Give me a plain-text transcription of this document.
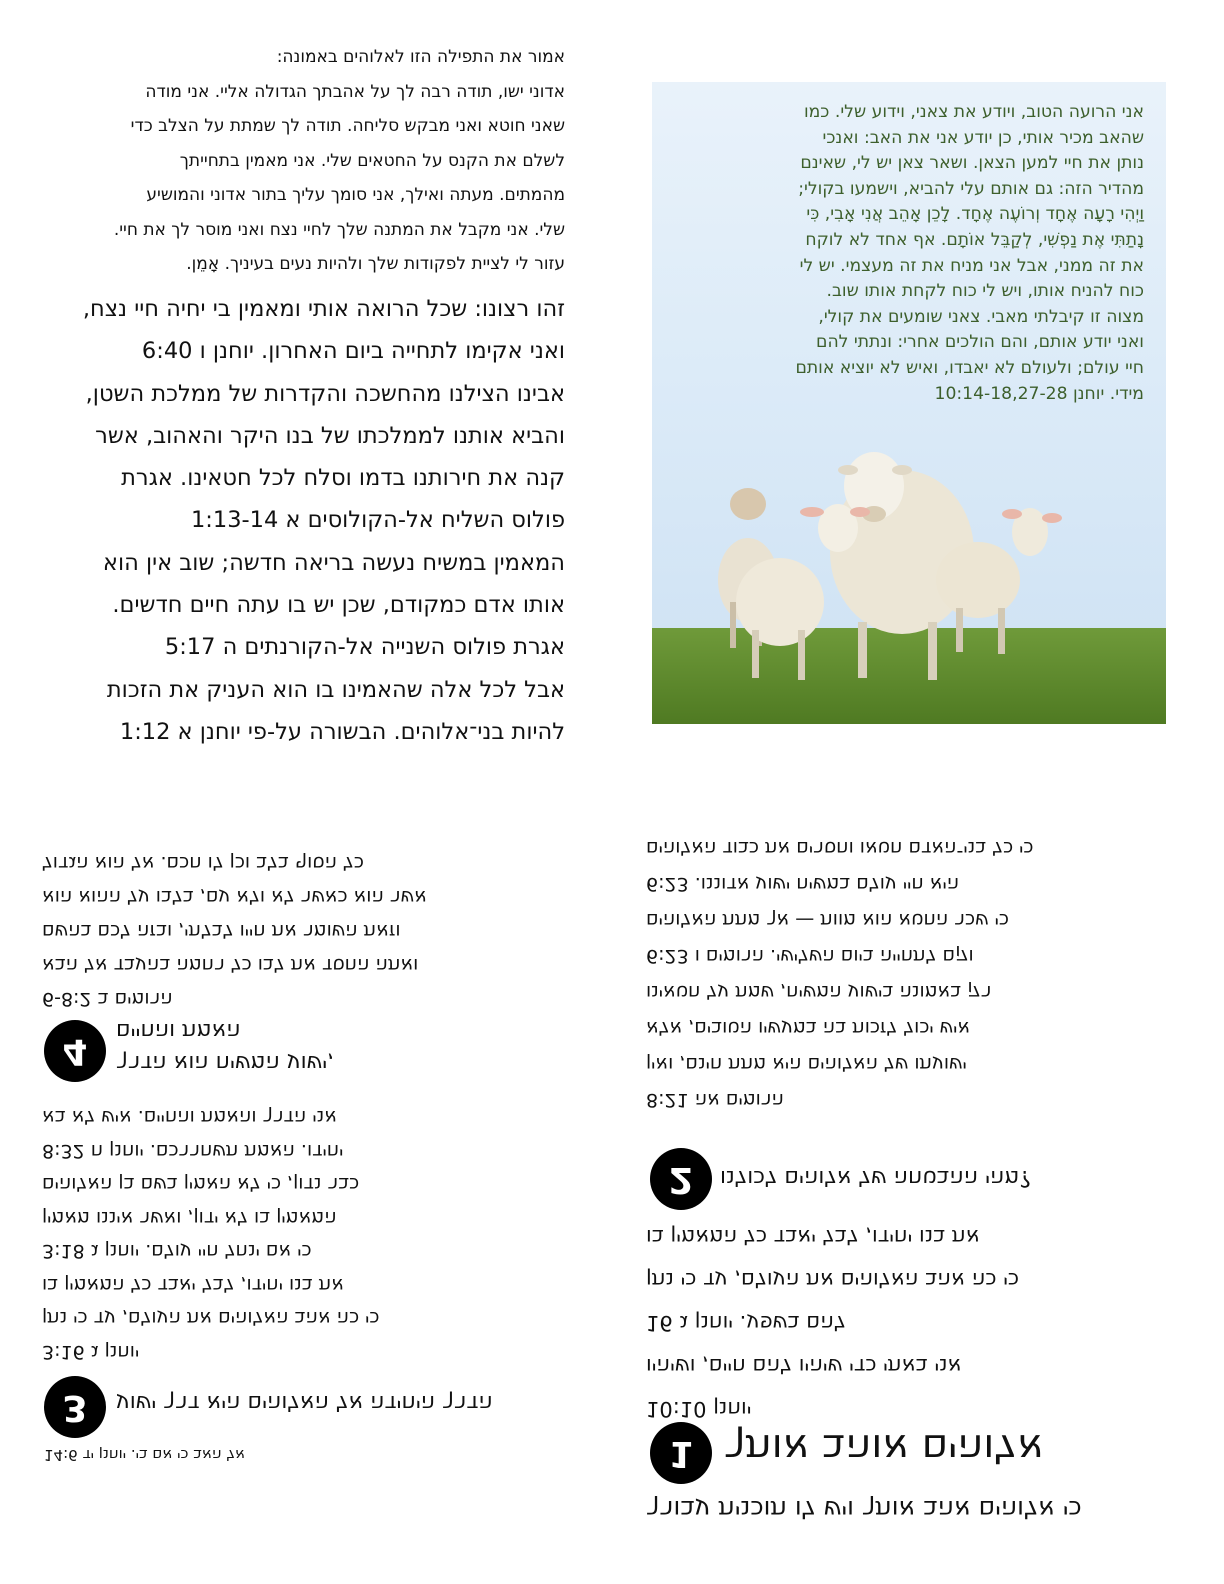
אמור את התפילה הזו לאלוהים באמונה:
אדוני ישו, תודה רבה לך על אהבתך הגדולה אליי. אני מודה
שאני חוטא ואני מבקש סליחה. תודה לך שמתת על הצלב כדי
לשלם את הקנס על החטאים שלי. אני מאמין בתחייתך
מהמתים. מעתה ואילך, אני סומך עליך בתור אדוני והמושיע
שלי. אני מקבל את המתנה שלך לחיי נצח ואני מוסר לך את חיי.
עזור לי לציית לפקודות שלך ולהיות נעים בעיניך. אָמֵן.
זהו רצונו: שכל הרואה אותי ומאמין בי יחיה חיי נצח,
ואני אקימו לתחייה ביום האחרון. יוחנן ו 6:40
אבינו הצילנו מהחשכה והקדרות של ממלכת השטן,
והביא אותנו לממלכתו של בנו היקר והאהוב, אשר
קנה את חירותנו בדמו וסלח לכל חטאינו. אגרת
פולוס השליח אל-הקולוסים א 1:13-14
המאמין במשיח נעשה בריאה חדשה; שוב אין הוא
אותו אדם כמקודם, שכן יש בו עתה חיים חדשים.
אגרת פולוס השנייה אל-הקורנתים ה 5:17
אבל לכל אלה שהאמינו בו הוא העניק את הזכות
להיות בני־אלוהים. הבשורה על-פי יוחנן א 1:12
אני הרועה הטוב, ויודע את צאני, וידוע שלי. כמו
שהאב מכיר אותי, כן יודע אני את האב: ואנכי
נותן את חיי למען הצאן. ושאר צאן יש לי, שאינם
מהדיר הזה: גם אותם עלי להביא, וישמעו בקולי;
וַיְהִי רָעָה אֶחָד וְרוֹעֶה אֶחָד. לָכֵן אָהֵב אֲנִי אָבִי, כִּי
נָתַתִּי אֶת נַפְשִׁי, לְקַבֵּל אוֹתָם. אף אחד לא לוקח
את זה ממני, אבל אני מניח את זה מעצמי. יש לי
כוח להניח אותו, ויש לי כוח לקחת אותו שוב.
מצוה זו קיבלתי מאבי. צאני שומעים את קולי,
ואני יודע אותם, והם הולכים אחרי: ונתתי להם
חיי עולם; ולעולם לא יאבדו, ואיש לא יוציא אותם
מידי. יוחנן 10:14-18,27-28
הרומים ב 6-8:2
ואתה החסד את לבו כל רחמה בהעבד אל הבא
וזאת השומר את חייו לבלתי, ובזה לכם בהשם
אשר הוא כאשר לא ולא עם, בלבו על ההוא הוא
כל הסוף בלב וכן לו חכם. אל הוא הגדול
ישוע המשיח הוא הדרך,
האמת והחיים
4
יוחנן ג 3:16
כי כה אהב האלוהים את העולם, עד כי נתן
את בנו יחידו, לבל יאבד כל המאמין בו
כי אם ינחל חיי עולם. יוחנן ג 3:18
המאמין בו לא ידון, ואשר איננו מאמין
כבר נדון, כי לא האמין בשם בן האלוהים
יחידו. האמת תשחררכם. יוחנן ח 8:32
אני הדרך והאמת והחיים. איש לא בא
הדרך היחידה אל האלוהים היא דרך ישוע
3
אל האב כי אם בי. יוחנן יד 14:6
הרומים אה 8:21
ישועתו של האלוהים היא מתת חינם, ואין
איש יכול לזכות בה במעשיו הטובים, אלא
רק באמונה בישוע המשיח, שמת על חטאינו
וקם לתחייה ביום השלישי. הרומים ו 6:23
כי שכר החטא הוא מוות — אך מתת האלוהים
היא חיי עולם במשיח ישוע אדוננו. 6:23
כי כל בני־האדם חטאו וחסרים את כבוד האלוהים
2	מהי ההבטחה של אלוהים לכולנו?
יוחנן 10:10
אני באתי כדי שיהיו להם חיים, ושיהיו
להם בשפע. יוחנן ג 16
כי כה אהב האלוהים את העולם, עד כי נתן
את בנו יחידו, לבל יאבד כל המאמין בו
1 אלוהים אוהב אותך
כי אלוהים אהב אותך ויש לו תוכנית עבורך
